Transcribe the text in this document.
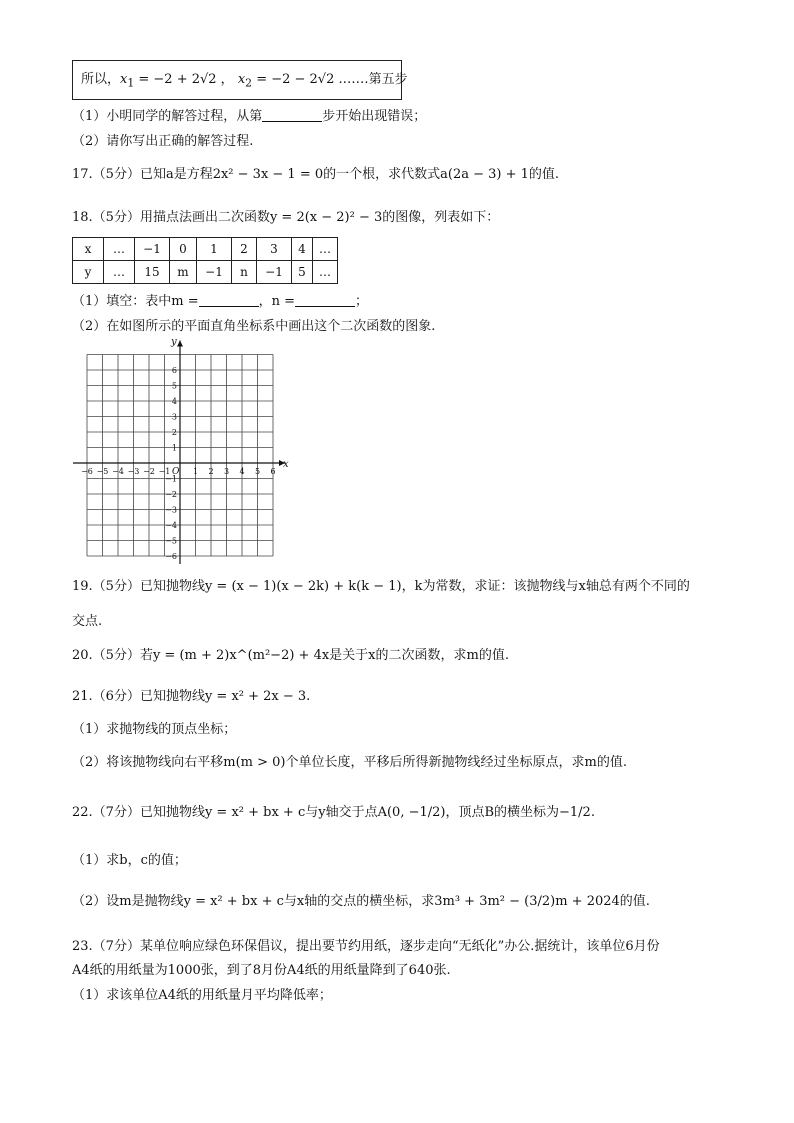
所以，$x_1 = -2 + 2√2$ ， $x_2 = -2 - 2√2$ .……第五步
（1）小明同学的解答过程，从第	步开始出现错误；
（2）请你写出正确的解答过程.
17.（5分）已知a是方程2x² − 3x − 1 = 0的一个根，求代数式a(2a − 3) + 1的值.
18.（5分）用描点法画出二次函数y = 2(x − 2)² − 3的图像，列表如下：
x	…	−1	0	1	2	3	4	…
y	…	15	m	−1	n	−1	5	…
（1）填空：表中m =	，n =	；
（2）在如图所示的平面直角坐标系中画出这个二次函数的图象.
x
y
O
−6
−6
−5
−5
−4
−4
−3
−3
−2
−2
−1
−1
1
1
2
2
3
3
4
4
5
5
6
6
19.（5分）已知抛物线y = (x − 1)(x − 2k) + k(k − 1)，k为常数，求证：该抛物线与x轴总有两个不同的
交点.
20.（5分）若y = (m + 2)x^(m²−2) + 4x是关于x的二次函数，求m的值.
21.（6分）已知抛物线y = x² + 2x − 3.
（1）求抛物线的顶点坐标；
（2）将该抛物线向右平移m(m > 0)个单位长度，平移后所得新抛物线经过坐标原点，求m的值.
22.（7分）已知抛物线y = x² + bx + c与y轴交于点A(0, −1/2)，顶点B的横坐标为−1/2.
（1）求b，c的值；
（2）设m是抛物线y = x² + bx + c与x轴的交点的横坐标，求3m³ + 3m² − (3/2)m + 2024的值.
23.（7分）某单位响应绿色环保倡议，提出要节约用纸，逐步走向“无纸化”办公.据统计，该单位6月份
A4纸的用纸量为1000张，到了8月份A4纸的用纸量降到了640张.
（1）求该单位A4纸的用纸量月平均降低率；
